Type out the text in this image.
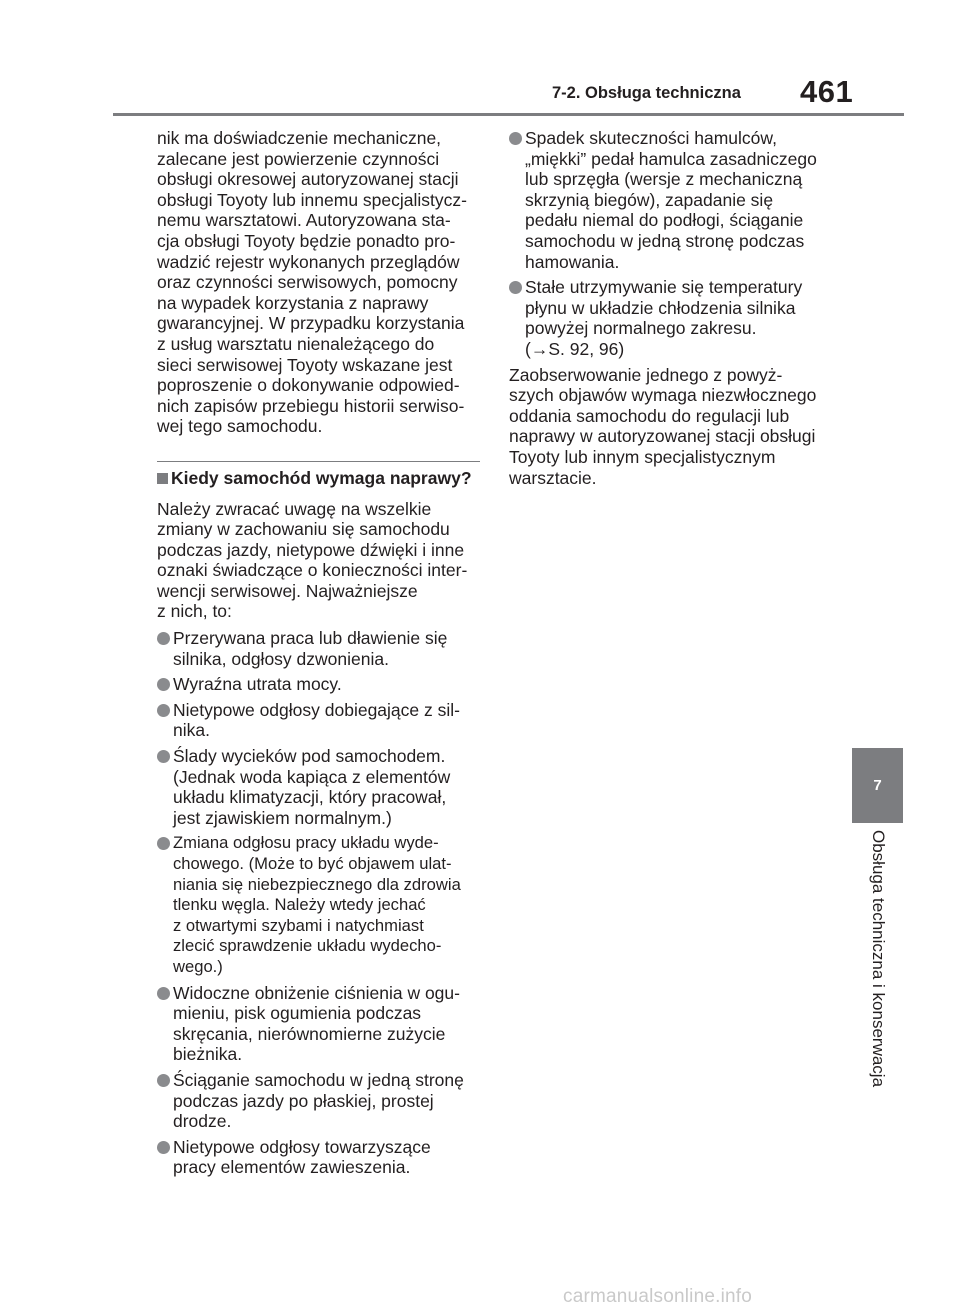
7-2. Obsługa techniczna 461
nik ma doświadczenie mechaniczne,
zalecane jest powierzenie czynności
obsługi okresowej autoryzowanej stacji
obsługi Toyoty lub innemu specjalistycz-
nemu warsztatowi. Autoryzowana sta-
cja obsługi Toyoty będzie ponadto pro-
wadzić rejestr wykonanych przeglądów
oraz czynności serwisowych, pomocny
na wypadek korzystania z naprawy
gwarancyjnej. W przypadku korzystania
z usług warsztatu nienależącego do
sieci serwisowej Toyoty wskazane jest
poproszenie o dokonywanie odpowied-
nich zapisów przebiegu historii serwiso-
wej tego samochodu.
Kiedy samochód wymaga naprawy?
Należy zwracać uwagę na wszelkie
zmiany w zachowaniu się samochodu
podczas jazdy, nietypowe dźwięki i inne
oznaki świadczące o konieczności inter-
wencji serwisowej. Najważniejsze
z nich, to:
Przerywana praca lub dławienie się
silnika, odgłosy dzwonienia.
Wyraźna utrata mocy.
Nietypowe odgłosy dobiegające z sil-
nika.
Ślady wycieków pod samochodem.
(Jednak woda kapiąca z elementów
układu klimatyzacji, który pracował,
jest zjawiskiem normalnym.)
Zmiana odgłosu pracy układu wyde-
chowego. (Może to być objawem ulat-
niania się niebezpiecznego dla zdrowia
tlenku węgla. Należy wtedy jechać
z otwartymi szybami i natychmiast
zlecić sprawdzenie układu wydecho-
wego.)
Widoczne obniżenie ciśnienia w ogu-
mieniu, pisk ogumienia podczas
skręcania, nierównomierne zużycie
bieżnika.
Ściąganie samochodu w jedną stronę
podczas jazdy po płaskiej, prostej
drodze.
Nietypowe odgłosy towarzyszące
pracy elementów zawieszenia.
Spadek skuteczności hamulców,
„miękki” pedał hamulca zasadniczego
lub sprzęgła (wersje z mechaniczną
skrzynią biegów), zapadanie się
pedału niemal do podłogi, ściąganie
samochodu w jedną stronę podczas
hamowania.
Stałe utrzymywanie się temperatury
płynu w układzie chłodzenia silnika
powyżej normalnego zakresu.
(→S. 92, 96)
Zaobserwowanie jednego z powyż-
szych objawów wymaga niezwłocznego
oddania samochodu do regulacji lub
naprawy w autoryzowanej stacji obsługi
Toyoty lub innym specjalistycznym
warsztacie.
7
Obsługa techniczna i konserwacja
carmanualsonline.info
